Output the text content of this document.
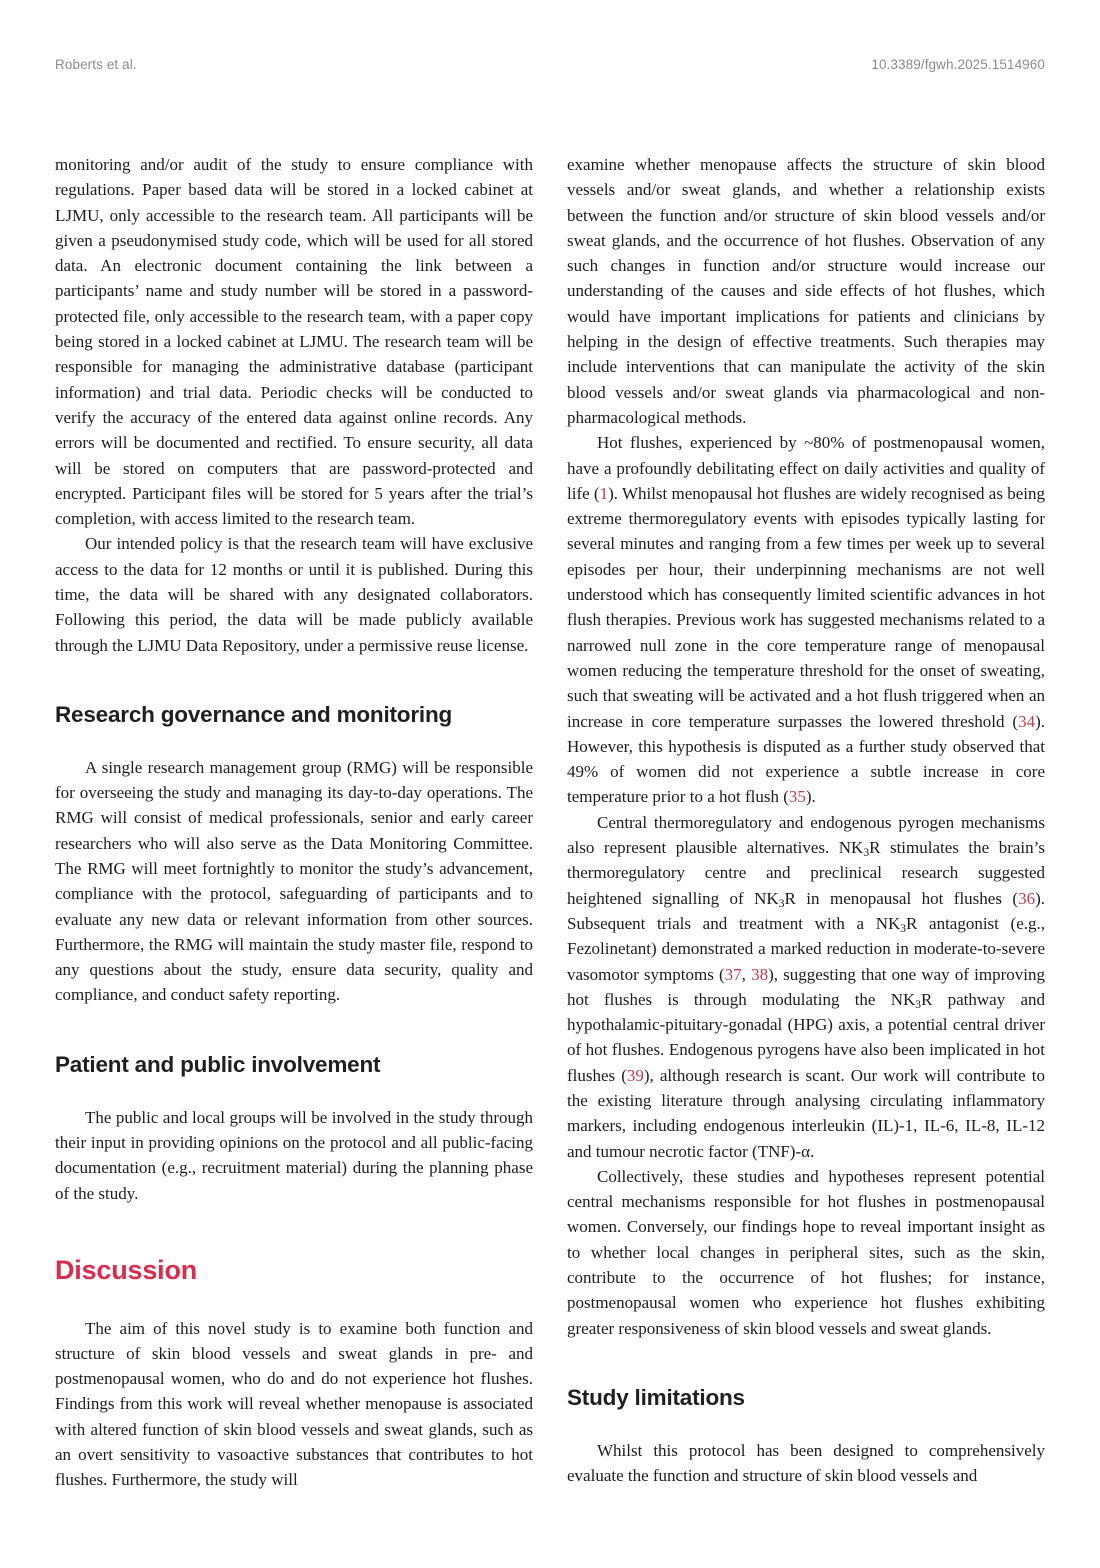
Roberts et al.	10.3389/fgwh.2025.1514960

monitoring and/or audit of the study to ensure compliance with regulations. Paper based data will be stored in a locked cabinet at LJMU, only accessible to the research team. All participants will be given a pseudonymised study code, which will be used for all stored data. An electronic document containing the link between a participants’ name and study number will be stored in a password-protected file, only accessible to the research team, with a paper copy being stored in a locked cabinet at LJMU. The research team will be responsible for managing the administrative database (participant information) and trial data. Periodic checks will be conducted to verify the accuracy of the entered data against online records. Any errors will be documented and rectified. To ensure security, all data will be stored on computers that are password-protected and encrypted. Participant files will be stored for 5 years after the trial’s completion, with access limited to the research team.

Our intended policy is that the research team will have exclusive access to the data for 12 months or until it is published. During this time, the data will be shared with any designated collaborators. Following this period, the data will be made publicly available through the LJMU Data Repository, under a permissive reuse license.

Research governance and monitoring

A single research management group (RMG) will be responsible for overseeing the study and managing its day-to-day operations. The RMG will consist of medical professionals, senior and early career researchers who will also serve as the Data Monitoring Committee. The RMG will meet fortnightly to monitor the study’s advancement, compliance with the protocol, safeguarding of participants and to evaluate any new data or relevant information from other sources. Furthermore, the RMG will maintain the study master file, respond to any questions about the study, ensure data security, quality and compliance, and conduct safety reporting.

Patient and public involvement

The public and local groups will be involved in the study through their input in providing opinions on the protocol and all public-facing documentation (e.g., recruitment material) during the planning phase of the study.

Discussion

The aim of this novel study is to examine both function and structure of skin blood vessels and sweat glands in pre- and postmenopausal women, who do and do not experience hot flushes. Findings from this work will reveal whether menopause is associated with altered function of skin blood vessels and sweat glands, such as an overt sensitivity to vasoactive substances that contributes to hot flushes. Furthermore, the study will

examine whether menopause affects the structure of skin blood vessels and/or sweat glands, and whether a relationship exists between the function and/or structure of skin blood vessels and/or sweat glands, and the occurrence of hot flushes. Observation of any such changes in function and/or structure would increase our understanding of the causes and side effects of hot flushes, which would have important implications for patients and clinicians by helping in the design of effective treatments. Such therapies may include interventions that can manipulate the activity of the skin blood vessels and/or sweat glands via pharmacological and non-pharmacological methods.

Hot flushes, experienced by ~80% of postmenopausal women, have a profoundly debilitating effect on daily activities and quality of life (1). Whilst menopausal hot flushes are widely recognised as being extreme thermoregulatory events with episodes typically lasting for several minutes and ranging from a few times per week up to several episodes per hour, their underpinning mechanisms are not well understood which has consequently limited scientific advances in hot flush therapies. Previous work has suggested mechanisms related to a narrowed null zone in the core temperature range of menopausal women reducing the temperature threshold for the onset of sweating, such that sweating will be activated and a hot flush triggered when an increase in core temperature surpasses the lowered threshold (34). However, this hypothesis is disputed as a further study observed that 49% of women did not experience a subtle increase in core temperature prior to a hot flush (35).

Central thermoregulatory and endogenous pyrogen mechanisms also represent plausible alternatives. $NK_3R$ stimulates the brain’s thermoregulatory centre and preclinical research suggested heightened signalling of $NK_3R$ in menopausal hot flushes (36). Subsequent trials and treatment with a $NK_3R$ antagonist (e.g., Fezolinetant) demonstrated a marked reduction in moderate-to-severe vasomotor symptoms (37, 38), suggesting that one way of improving hot flushes is through modulating the $NK_3R$ pathway and hypothalamic-pituitary-gonadal (HPG) axis, a potential central driver of hot flushes. Endogenous pyrogens have also been implicated in hot flushes (39), although research is scant. Our work will contribute to the existing literature through analysing circulating inflammatory markers, including endogenous interleukin (IL)-1, IL-6, IL-8, IL-12 and tumour necrotic factor (TNF)-α.

Collectively, these studies and hypotheses represent potential central mechanisms responsible for hot flushes in postmenopausal women. Conversely, our findings hope to reveal important insight as to whether local changes in peripheral sites, such as the skin, contribute to the occurrence of hot flushes; for instance, postmenopausal women who experience hot flushes exhibiting greater responsiveness of skin blood vessels and sweat glands.

Study limitations

Whilst this protocol has been designed to comprehensively evaluate the function and structure of skin blood vessels and
